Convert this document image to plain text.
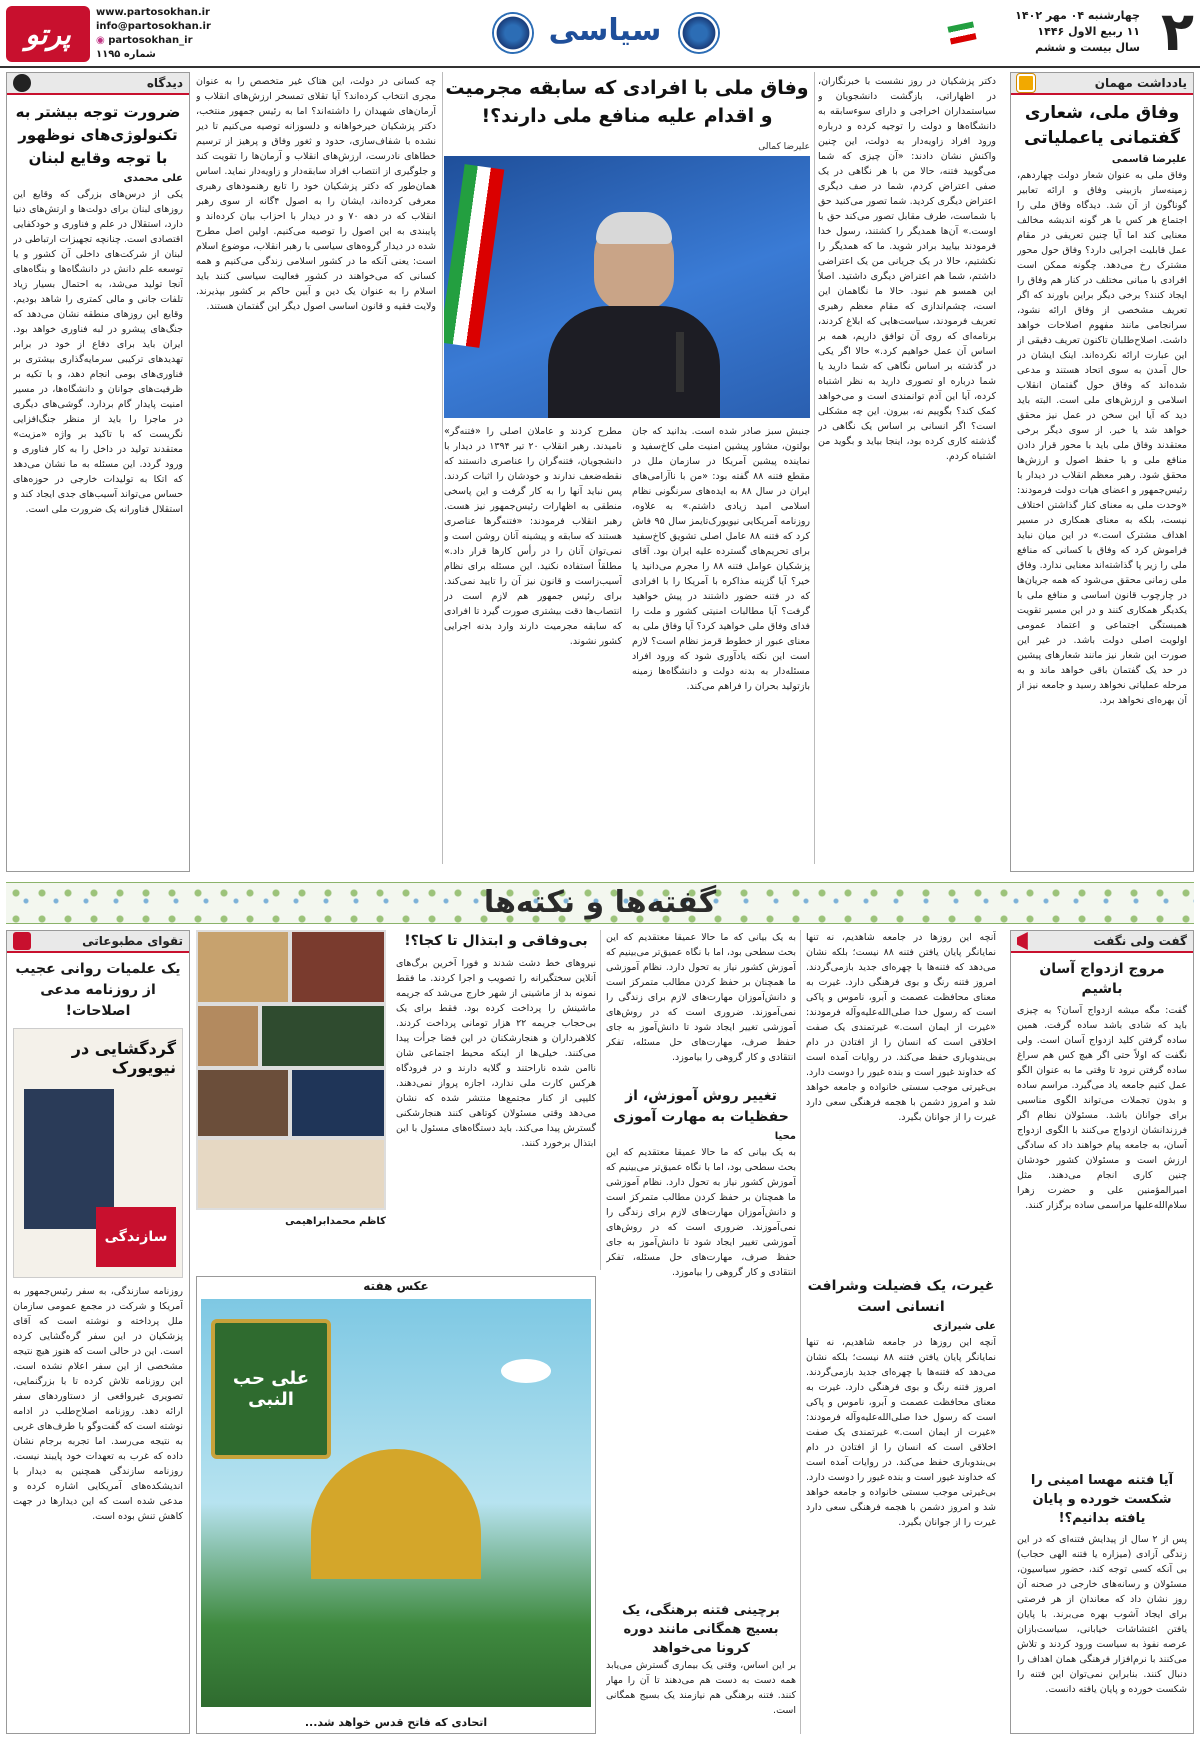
۲
چهارشنبه ۰۴ مهر ۱۴۰۲
۱۱ ربیع الاول ۱۴۴۶
سال بیست و ششم
سیاسی
www.partosokhan.ir
info@partosokhan.ir
◉ partosokhan_ir
شماره ۱۱۹۵
پرتو
یادداشت مهمان
وفاق ملی، شعاری گفتمانی یاعملیاتی
علیرضا قاسمی
وفاق ملی به عنوان شعار دولت چهاردهم، زمینه‌ساز بازبینی وفاق و ارائه تعابیر گوناگون از آن شد. دیدگاه وفاق ملی را اجتماع هر کس با هر گونه اندیشه مخالف معنایی کند اما آیا چنین تعریفی در مقام عمل قابلیت اجرایی دارد؟ وفاق حول محور مشترک رخ می‌دهد. چگونه ممکن است افرادی با مبانی مختلف در کنار هم وفاق را ایجاد کنند؟ برخی دیگر براین باورند که اگر تعریف مشخصی از وفاق ارائه نشود، سرانجامی مانند مفهوم اصلاحات خواهد داشت. اصلاح‌طلبان تاکنون تعریف دقیقی از این عبارت ارائه نکرده‌اند. اینک ایشان در حال آمدن به سوی اتحاد هستند و مدعی شده‌اند که وفاق حول گفتمان انقلاب اسلامی و ارزش‌های ملی است. البته باید دید که آیا این سخن در عمل نیز محقق خواهد شد یا خیر. از سوی دیگر برخی معتقدند وفاق ملی باید با محور قرار دادن منافع ملی و با حفظ اصول و ارزش‌ها محقق شود. رهبر معظم انقلاب در دیدار با رئیس‌جمهور و اعضای هیات دولت فرمودند: «وحدت ملی به معنای کنار گذاشتن اختلاف نیست، بلکه به معنای همکاری در مسیر اهداف مشترک است.» در این میان نباید فراموش کرد که وفاق با کسانی که منافع ملی را زیر پا گذاشته‌اند معنایی ندارد. وفاق ملی زمانی محقق می‌شود که همه جریان‌ها در چارچوب قانون اساسی و منافع ملی با یکدیگر همکاری کنند و در این مسیر تقویت همبستگی اجتماعی و اعتماد عمومی اولویت اصلی دولت باشد. در غیر این صورت این شعار نیز مانند شعارهای پیشین در حد یک گفتمان باقی خواهد ماند و به مرحله عملیاتی نخواهد رسید و جامعه نیز از آن بهره‌ای نخواهد برد.
دکتر پزشکیان در روز نشست با خبرنگاران، در اظهاراتی، بازگشت دانشجویان و سیاستمداران اخراجی و دارای سوءسابقه به دانشگاه‌ها و دولت را توجیه کرده و درباره ورود افراد زاویه‌دار به دولت، این چنین واکنش نشان دادند: «آن چیزی که شما می‌گویید فتنه، حالا من با هر نگاهی در یک صفی اعتراض کردم، شما در صف دیگری اعتراض دیگری کردید. شما تصور می‌کنید حق با شماست، طرف مقابل تصور می‌کند حق با اوست.» آن‌ها همدیگر را کشتند، رسول خدا فرمودند بیایید برادر شوید. ما که همدیگر را نکشتیم، حالا در یک جریانی من یک اعتراضی داشتم، شما هم اعتراض دیگری داشتید. اصلاً این همسو هم نبود. حالا ما نگاهمان این است، چشم‌اندازی که مقام معظم رهبری تعریف فرمودند، سیاست‌هایی که ابلاغ کردند، برنامه‌ای که روی آن توافق داریم، همه بر اساس آن عمل خواهیم کرد.» حالا اگر یکی در گذشته بر اساس نگاهی که شما دارید یا شما درباره او تصوری دارید به نظر اشتباه کرده، آیا این آدم توانمندی است و می‌خواهد کمک کند؟ بگوییم نه، بیرون. این چه مشکلی است؟ اگر انسانی بر اساس یک نگاهی در گذشته کاری کرده بود، اینجا بیاید و بگوید من اشتباه کردم.
وفاق ملی با افرادی که سابقه مجرمیت و اقدام علیه منافع ملی دارند؟!
علیرضا کمالی
جنبش سبز صادر شده است. بدانید که جان بولتون، مشاور پیشین امنیت ملی کاخ‌سفید و نماینده پیشین آمریکا در سازمان ملل در مقطع فتنه ۸۸ گفته بود: «من با ناآرامی‌های ایران در سال ۸۸ به ایده‌های سرنگونی نظام اسلامی امید زیادی داشتم.» به علاوه، روزنامه آمریکایی نیویورک‌تایمز سال ۹۵ فاش کرد که فتنه ۸۸ عامل اصلی تشویق کاخ‌سفید برای تحریم‌های گسترده علیه ایران بود. آقای پزشکیان عوامل فتنه ۸۸ را مجرم می‌دانید یا خیر؟ آیا گزینه مذاکره با آمریکا را با افرادی که در فتنه حضور داشتند در پیش خواهید گرفت؟ آیا مطالبات امنیتی کشور و ملت را فدای وفاق ملی خواهید کرد؟ آیا وفاق ملی به معنای عبور از خطوط قرمز نظام است؟ لازم است این نکته یادآوری شود که ورود افراد مسئله‌دار به بدنه دولت و دانشگاه‌ها زمینه بازتولید بحران را فراهم می‌کند.
مطرح کردند و عاملان اصلی را «فتنه‌گر» نامیدند. رهبر انقلاب ۲۰ تیر ۱۳۹۴ در دیدار با دانشجویان، فتنه‌گران را عناصری دانستند که نقطه‌ضعف ندارند و خودشان را اثبات کردند. پس نباید آنها را به کار گرفت و این پاسخی منطقی به اظهارات رئیس‌جمهور نیز هست. رهبر انقلاب فرمودند: «فتنه‌گرها عناصری هستند که سابقه و پیشینه آنان روشن است و نمی‌توان آنان را در رأس کارها قرار داد.» مطلقاً استفاده نکنید. این مسئله برای نظام آسیب‌زاست و قانون نیز آن را تایید نمی‌کند. برای رئیس جمهور هم لازم است در انتصاب‌ها دقت بیشتری صورت گیرد تا افرادی که سابقه مجرمیت دارند وارد بدنه اجرایی کشور نشوند.
چه کسانی در دولت، این هتاک غیر متخصص را به عنوان مجری انتخاب کرده‌اند؟ آیا تقلای تمسخر ارزش‌های انقلاب و آرمان‌های شهیدان را داشته‌اند؟ اما به رئیس جمهور منتخب، دکتر پزشکیان خیرخواهانه و دلسوزانه توصیه می‌کنیم تا دیر نشده با شفاف‌سازی، حدود و ثغور وفاق و پرهیز از ترسیم خطاهای نادرست، ارزش‌های انقلاب و آرمان‌ها را تقویت کند و جلوگیری از انتصاب افراد سابقه‌دار و زاویه‌دار نماید. اساس همان‌طور که دکتر پزشکیان خود را تابع رهنمودهای رهبری معرفی کرده‌اند، ایشان را به اصول ۴گانه از سوی رهبر انقلاب که در دهه ۷۰ و در دیدار با احزاب بیان کرده‌اند و پایبندی به این اصول را توصیه می‌کنیم. اولین اصل مطرح شده در دیدار گروه‌های سیاسی با رهبر انقلاب، موضوع اسلام است: یعنی آنکه ما در کشور اسلامی زندگی می‌کنیم و همه کسانی که می‌خواهند در کشور فعالیت سیاسی کنند باید اسلام را به عنوان یک دین و آیین حاکم بر کشور بپذیرند. ولایت فقیه و قانون اساسی اصول دیگر این گفتمان هستند.
دیدگاه
ضرورت توجه بیشتر به تکنولوژی‌های نوظهور با توجه وقایع لبنان
علی محمدی
یکی از درس‌های بزرگی که وقایع این روزهای لبنان برای دولت‌ها و ارتش‌های دنیا دارد، استقلال در علم و فناوری و خودکفایی اقتصادی است. چنانچه تجهیزات ارتباطی در لبنان از شرکت‌های داخلی آن کشور و یا توسعه علم دانش در دانشگاه‌ها و بنگاه‌های آنجا تولید می‌شد، به احتمال بسیار زیاد تلفات جانی و مالی کمتری را شاهد بودیم. وقایع این روزهای منطقه نشان می‌دهد که جنگ‌های پیشرو در لبه فناوری خواهد بود. ایران باید برای دفاع از خود در برابر تهدیدهای ترکیبی سرمایه‌گذاری بیشتری بر فناوری‌های بومی انجام دهد، و با تکیه بر ظرفیت‌های جوانان و دانشگاه‌ها، در مسیر امنیت پایدار گام بردارد. گوشی‌های دیگری در ماجرا را باید از منظر جنگ‌افزایی نگریست که با تاکید بر واژه «مزیت» معتقدند تولید در داخل را به کار فناوری و ورود گردد. این مسئله به ما نشان می‌دهد که اتکا به تولیدات خارجی در حوزه‌های حساس می‌تواند آسیب‌های جدی ایجاد کند و استقلال فناورانه یک ضرورت ملی است.
گفته‌ها و نکته‌ها
گفت ولی نگفت
مروج ازدواج آسان باشیم
گفت: مگه میشه ازدواج آسان؟ به چیزی باید که شادی باشد ساده گرفت. همین ساده گرفتن کلید ازدواج آسان است. ولی نگفت که اولاً حتی اگر هیچ کس هم سراغ ساده گرفتن نرود تا وقتی ما به عنوان الگو عمل کنیم جامعه یاد می‌گیرد. مراسم ساده و بدون تجملات می‌تواند الگوی مناسبی برای جوانان باشد. مسئولان نظام اگر فرزندانشان ازدواج می‌کنند با الگوی ازدواج آسان، به جامعه پیام خواهند داد که سادگی ارزش است و مسئولان کشور خودشان چنین کاری انجام می‌دهند. مثل امیرالمؤمنین علی و حضرت زهرا سلام‌الله‌علیها مراسمی ساده برگزار کنند.
آیا فتنه مهسا امینی را شکست خورده و پایان یافته بدانیم؟!
پس از ۲ سال از پیدایش فتنه‌ای که در این زندگی آزادی (میزاره یا فتنه الهی حجاب) بی آنکه کسی توجه کند، حضور سیاسیون، مسئولان و رسانه‌های خارجی در صحنه آن روز نشان داد که معاندان از هر فرصتی برای ایجاد آشوب بهره می‌برند. با پایان یافتن اغتشاشات خیابانی، سیاست‌بازان عرصه نفوذ به سیاست ورود کردند و تلاش می‌کنند با نرم‌افزار فرهنگی همان اهداف را دنبال کنند. بنابراین نمی‌توان این فتنه را شکست خورده و پایان یافته دانست.
آنچه این روزها در جامعه شاهدیم، نه تنها نمایانگر پایان یافتن فتنه ۸۸ نیست؛ بلکه نشان می‌دهد که فتنه‌ها با چهره‌ای جدید بازمی‌گردند. امروز فتنه رنگ و بوی فرهنگی دارد. غیرت به معنای محافظت عصمت و آبرو، ناموس و پاکی است که رسول خدا صلی‌الله‌علیه‌وآله فرمودند: «غیرت از ایمان است.» غیرتمندی یک صفت اخلاقی است که انسان را از افتادن در دام بی‌بندوباری حفظ می‌کند. در روایات آمده است که خداوند غیور است و بنده غیور را دوست دارد. بی‌غیرتی موجب سستی خانواده و جامعه خواهد شد و امروز دشمن با هجمه فرهنگی سعی دارد غیرت را از جوانان بگیرد.
غیرت، یک فضیلت وشرافت انسانی است
علی شیرازی
آنچه این روزها در جامعه شاهدیم، نه تنها نمایانگر پایان یافتن فتنه ۸۸ نیست؛ بلکه نشان می‌دهد که فتنه‌ها با چهره‌ای جدید بازمی‌گردند. امروز فتنه رنگ و بوی فرهنگی دارد. غیرت به معنای محافظت عصمت و آبرو، ناموس و پاکی است که رسول خدا صلی‌الله‌علیه‌وآله فرمودند: «غیرت از ایمان است.» غیرتمندی یک صفت اخلاقی است که انسان را از افتادن در دام بی‌بندوباری حفظ می‌کند. در روایات آمده است که خداوند غیور است و بنده غیور را دوست دارد. بی‌غیرتی موجب سستی خانواده و جامعه خواهد شد و امروز دشمن با هجمه فرهنگی سعی دارد غیرت را از جوانان بگیرد.
به یک بیانی که ما حالا عمیقا معتقدیم که این بحث سطحی بود، اما با نگاه عمیق‌تر می‌بینیم که آموزش کشور نیاز به تحول دارد. نظام آموزشی ما همچنان بر حفظ کردن مطالب متمرکز است و دانش‌آموزان مهارت‌های لازم برای زندگی را نمی‌آموزند. ضروری است که در روش‌های آموزشی تغییر ایجاد شود تا دانش‌آموز به جای حفظ صرف، مهارت‌های حل مسئله، تفکر انتقادی و کار گروهی را بیاموزد.
تغییر روش آموزش، از حفظیات به مهارت آموزی
محیا
به یک بیانی که ما حالا عمیقا معتقدیم که این بحث سطحی بود، اما با نگاه عمیق‌تر می‌بینیم که آموزش کشور نیاز به تحول دارد. نظام آموزشی ما همچنان بر حفظ کردن مطالب متمرکز است و دانش‌آموزان مهارت‌های لازم برای زندگی را نمی‌آموزند. ضروری است که در روش‌های آموزشی تغییر ایجاد شود تا دانش‌آموز به جای حفظ صرف، مهارت‌های حل مسئله، تفکر انتقادی و کار گروهی را بیاموزد.
برچینی فتنه برهنگی، یک بسیج همگانی مانند دوره کرونا می‌خواهد
بر این اساس، وقتی یک بیماری گسترش می‌یابد همه دست به دست هم می‌دهند تا آن را مهار کنند. فتنه برهنگی هم نیازمند یک بسیج همگانی است.
بی‌وفاقی و ابتذال تا کجا؟!
نیروهای خط دشت شدند و فورا آخرین برگ‌های آنلاین سختگیرانه را تصویب و اجرا کردند. ما فقط نمونه بد از ماشینی از شهر خارج می‌شد که جریمه ماشینش را پرداخت کرده بود. فقط برای یک بی‌حجاب جریمه ۲۲ هزار تومانی پرداخت کردند. کلاهبرداران و هنجارشکنان در این فضا جرأت پیدا می‌کنند. خیلی‌ها از اینکه محیط اجتماعی شان ناامن شده ناراحتند و گلایه دارند و در فرودگاه هرکس کارت ملی ندارد، اجازه پرواز نمی‌دهند. کلیپی از کنار مجتمع‌ها منتشر شده که نشان می‌دهد وقتی مسئولان کوتاهی کنند هنجارشکنی گسترش پیدا می‌کند. باید دستگاه‌های مسئول با این ابتذال برخورد کنند.
کاظم محمدابراهیمی
عکس هفته
علی حب النبی
اتحادی که فاتح قدس خواهد شد...
تقوای مطبوعاتی
یک علمیات روانی عجیب از روزنامه مدعی اصلاحات!
گردگشایی در نیویورک
سازندگی
روزنامه سازندگی، به سفر رئیس‌جمهور به آمریکا و شرکت در مجمع عمومی سازمان ملل پرداخته و نوشته است که آقای پزشکیان در این سفر گره‌گشایی کرده است. این در حالی است که هنوز هیچ نتیجه مشخصی از این سفر اعلام نشده است. این روزنامه تلاش کرده تا با بزرگنمایی، تصویری غیرواقعی از دستاوردهای سفر ارائه دهد. روزنامه اصلاح‌طلب در ادامه نوشته است که گفت‌وگو با طرف‌های غربی به نتیجه می‌رسد. اما تجربه برجام نشان داده که غرب به تعهدات خود پایبند نیست. روزنامه سازندگی همچنین به دیدار با اندیشکده‌های آمریکایی اشاره کرده و مدعی شده است که این دیدارها در جهت کاهش تنش بوده است.
